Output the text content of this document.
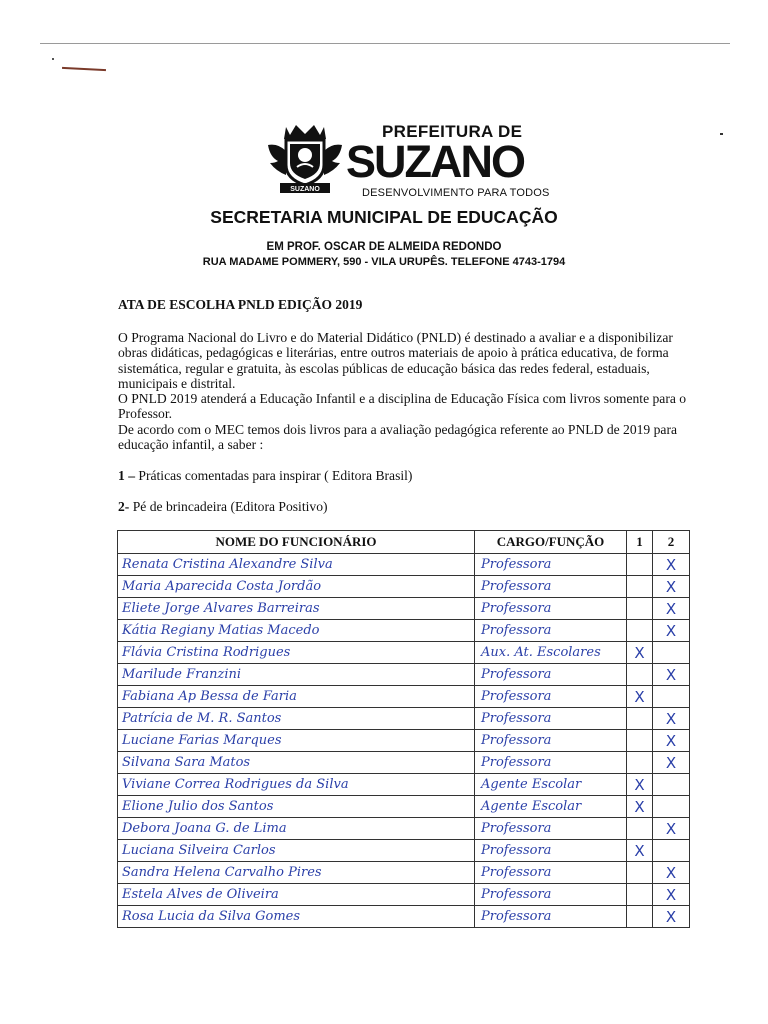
SUZANO
PREFEITURA DE
SUZANO
DESENVOLVIMENTO PARA TODOS
SECRETARIA MUNICIPAL DE EDUCAÇÃO
EM PROF. OSCAR DE ALMEIDA REDONDO
RUA MADAME POMMERY, 590 - VILA URUPÊS. TELEFONE 4743-1794
ATA DE ESCOLHA PNLD EDIÇÃO 2019

O Programa Nacional do Livro e do Material Didático (PNLD) é destinado a avaliar e a disponibilizar obras didáticas, pedagógicas e literárias, entre outros materiais de apoio à prática educativa, de forma sistemática, regular e gratuita, às escolas públicas de educação básica das redes federal, estaduais, municipais e distrital.

O PNLD 2019 atenderá a Educação Infantil e a disciplina de Educação Física com livros somente para o Professor.

De acordo com o MEC temos dois livros para a avaliação pedagógica referente ao PNLD de 2019 para educação infantil, a saber :

1 – Práticas comentadas para inspirar ( Editora Brasil)
2- Pé de brincadeira (Editora Positivo)
NOME DO FUNCIONÁRIO	CARGO/FUNÇÃO	1	2
Renata Cristina Alexandre Silva	Professora		X
Maria Aparecida Costa Jordão	Professora		X
Eliete Jorge Alvares Barreiras	Professora		X
Kátia Regiany Matias Macedo	Professora		X
Flávia Cristina Rodrigues	Aux. At. Escolares	X	
Marilude Franzini	Professora		X
Fabiana Ap Bessa de Faria	Professora	X	
Patrícia de M. R. Santos	Professora		X
Luciane Farias Marques	Professora		X
Silvana Sara Matos	Professora		X
Viviane Correa Rodrigues da Silva	Agente Escolar	X	
Elione Julio dos Santos	Agente Escolar	X	
Debora Joana G. de Lima	Professora		X
Luciana Silveira Carlos	Professora	X	
Sandra Helena Carvalho Pires	Professora		X
Estela Alves de Oliveira	Professora		X
Rosa Lucia da Silva Gomes	Professora		X
